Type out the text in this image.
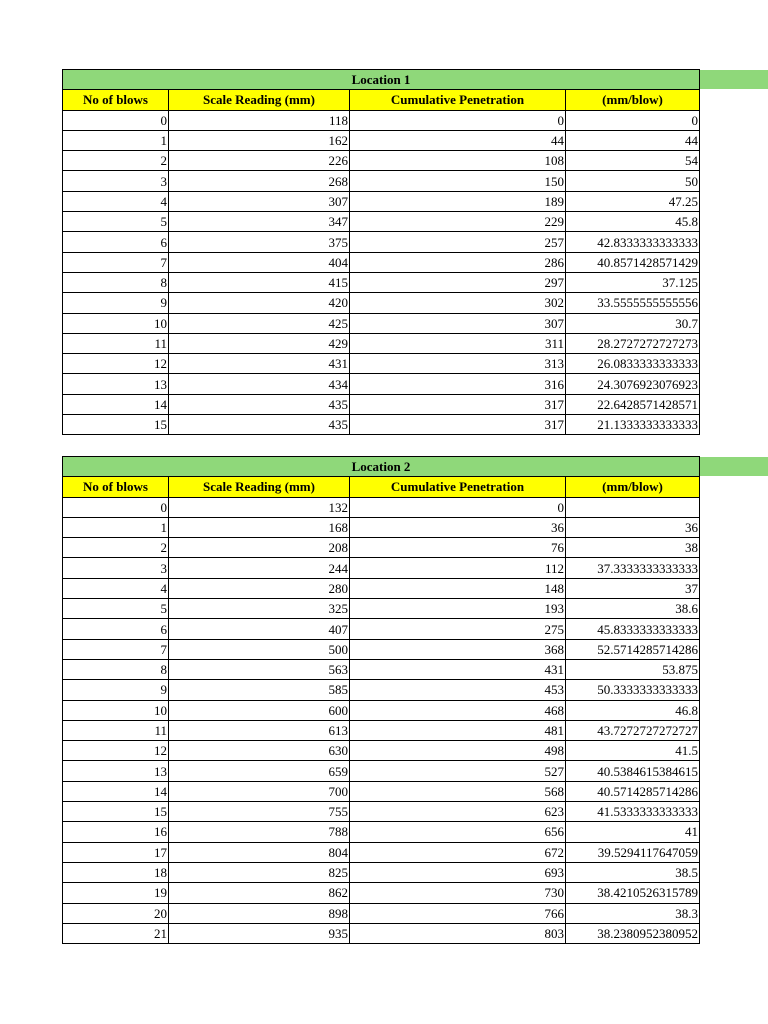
Location 1			
No of blows	Scale Reading (mm)	Cumulative Penetration	(mm/blow)
0	118	0	0
1	162	44	44
2	226	108	54
3	268	150	50
4	307	189	47.25
5	347	229	45.8
6	375	257	42.8333333333333
7	404	286	40.8571428571429
8	415	297	37.125
9	420	302	33.5555555555556
10	425	307	30.7
11	429	311	28.2727272727273
12	431	313	26.0833333333333
13	434	316	24.3076923076923
14	435	317	22.6428571428571
15	435	317	21.1333333333333
Location 2			
No of blows	Scale Reading (mm)	Cumulative Penetration	(mm/blow)
0	132	0	
1	168	36	36
2	208	76	38
3	244	112	37.3333333333333
4	280	148	37
5	325	193	38.6
6	407	275	45.8333333333333
7	500	368	52.5714285714286
8	563	431	53.875
9	585	453	50.3333333333333
10	600	468	46.8
11	613	481	43.7272727272727
12	630	498	41.5
13	659	527	40.5384615384615
14	700	568	40.5714285714286
15	755	623	41.5333333333333
16	788	656	41
17	804	672	39.5294117647059
18	825	693	38.5
19	862	730	38.4210526315789
20	898	766	38.3
21	935	803	38.2380952380952
